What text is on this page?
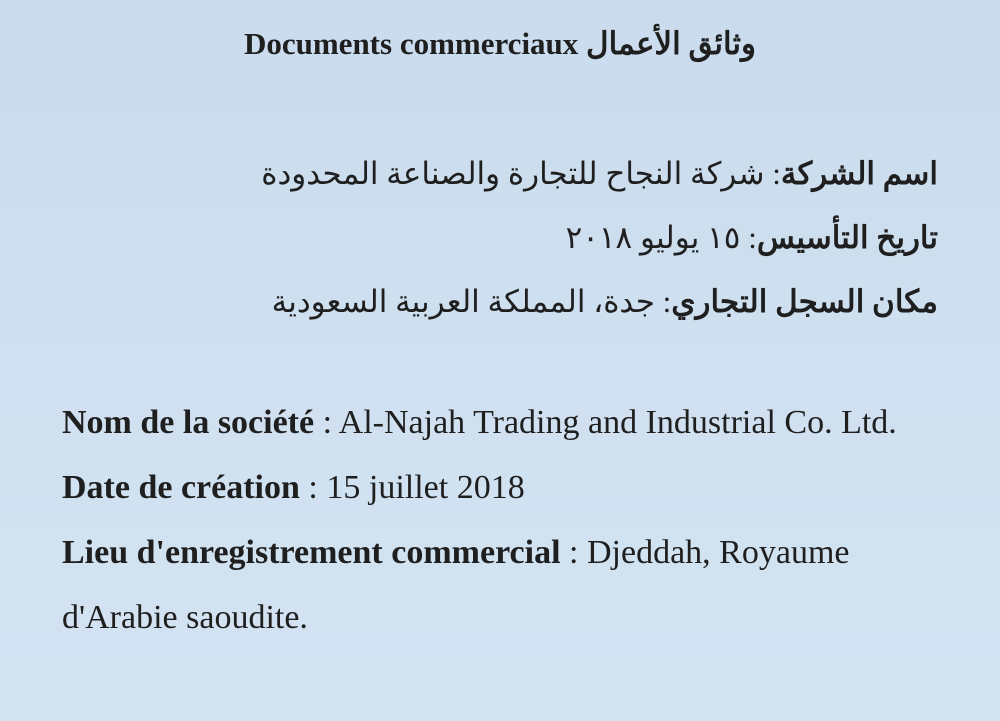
Documents commerciaux وثائق الأعمال
اسم الشركة: شركة النجاح للتجارة والصناعة المحدودة
تاريخ التأسيس: ١٥ يوليو ٢٠١٨
مكان السجل التجاري: جدة، المملكة العربية السعودية

Nom de la société : Al-Najah Trading and Industrial Co. Ltd.

Date de création : 15 juillet 2018

Lieu d'enregistrement commercial : Djeddah, Royaume d'Arabie saoudite.
